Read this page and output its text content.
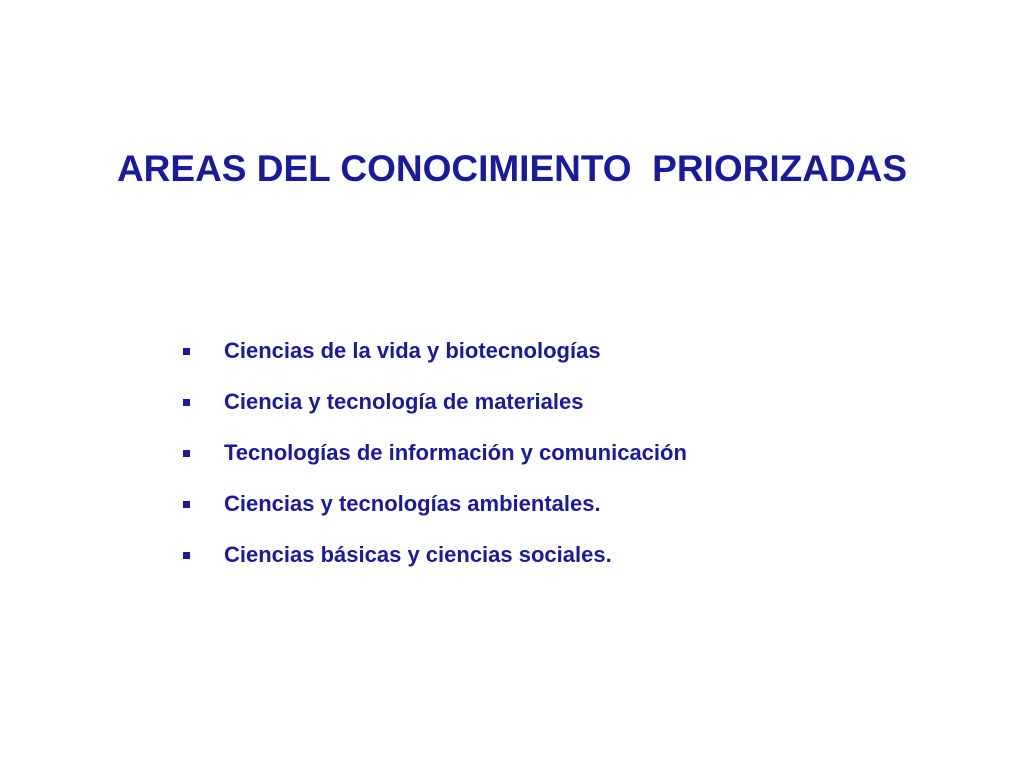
AREAS DEL CONOCIMIENTO  PRIORIZADAS
Ciencias de la vida y biotecnologías
Ciencia y tecnología de materiales
Tecnologías de información y comunicación
Ciencias y tecnologías ambientales.
Ciencias básicas y ciencias sociales.
